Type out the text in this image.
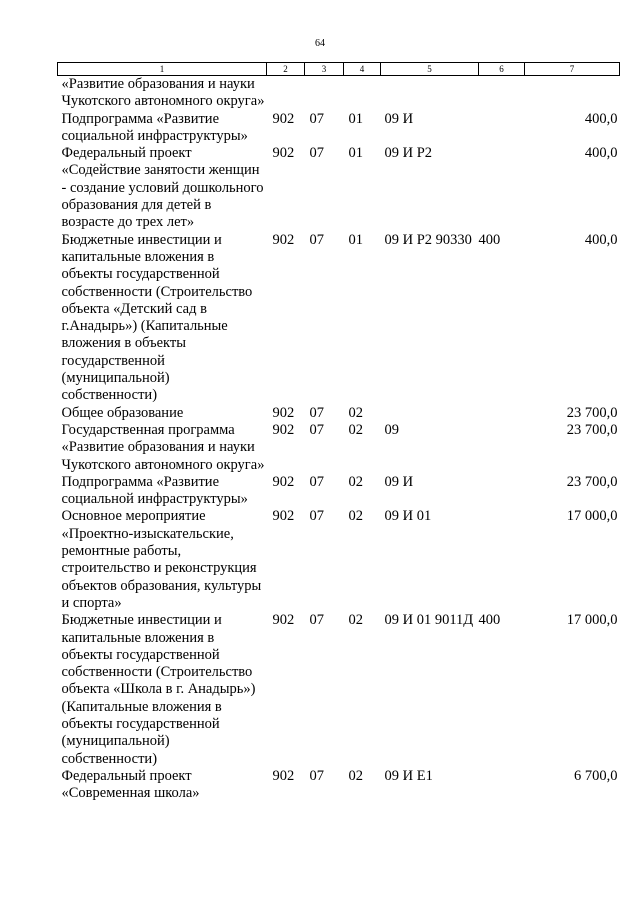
64
1	2	3	4	5	6	7
«Развитие образования и науки Чукотского автономного округа»						
Подпрограмма «Развитие социальной инфраструктуры»	902	07	01	09 И		400,0
Федеральный проект «Содействие занятости женщин - создание условий дошкольного образования для детей в возрасте до трех лет»	902	07	01	09 И Р2		400,0
Бюджетные инвестиции и капитальные вложения в объекты государственной собственности (Строительство объекта «Детский сад в г.Анадырь») (Капитальные вложения в объекты государственной (муниципальной) собственности)	902	07	01	09 И Р2 90330	400	400,0
Общее образование	902	07	02			23 700,0
Государственная программа «Развитие образования и науки Чукотского автономного округа»	902	07	02	09		23 700,0
Подпрограмма «Развитие социальной инфраструктуры»	902	07	02	09 И		23 700,0
Основное мероприятие «Проектно-изыскательские, ремонтные работы, строительство и реконструкция объектов образования, культуры и спорта»	902	07	02	09 И 01		17 000,0
Бюджетные инвестиции и капитальные вложения в объекты государственной собственности (Строительство объекта «Школа в г. Анадырь») (Капитальные вложения в объекты государственной (муниципальной) собственности)	902	07	02	09 И 01 9011Д	400	17 000,0
Федеральный проект «Современная школа»	902	07	02	09 И Е1		6 700,0
